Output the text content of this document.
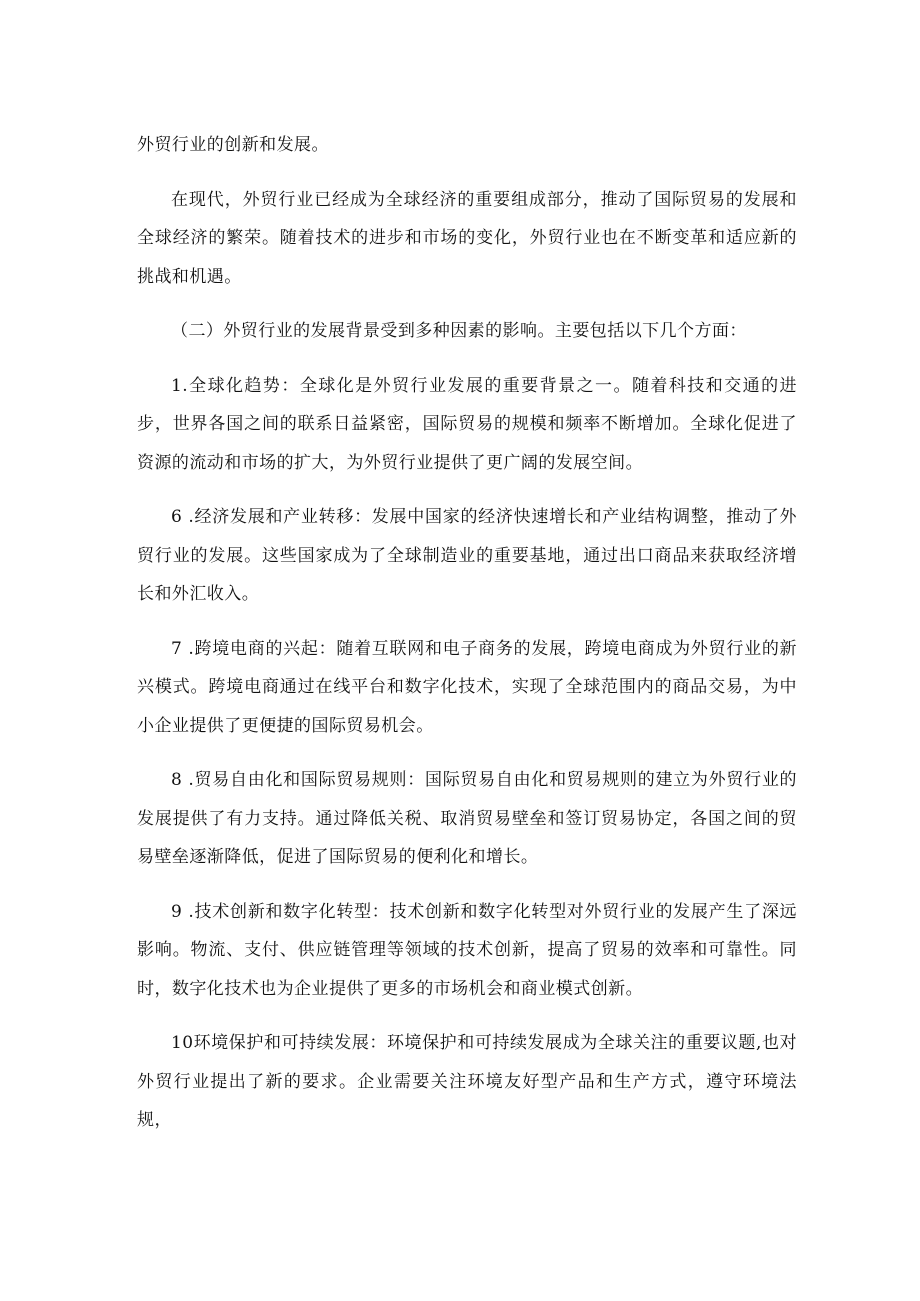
外贸行业的创新和发展。

在现代，外贸行业已经成为全球经济的重要组成部分，推动了国际贸易的发展和全球经济的繁荣。随着技术的进步和市场的变化，外贸行业也在不断变革和适应新的挑战和机遇。

（二）外贸行业的发展背景受到多种因素的影响。主要包括以下几个方面：

1.全球化趋势：全球化是外贸行业发展的重要背景之一。随着科技和交通的进步，世界各国之间的联系日益紧密，国际贸易的规模和频率不断增加。全球化促进了资源的流动和市场的扩大，为外贸行业提供了更广阔的发展空间。

6 .经济发展和产业转移：发展中国家的经济快速增长和产业结构调整，推动了外贸行业的发展。这些国家成为了全球制造业的重要基地，通过出口商品来获取经济增长和外汇收入。

7 .跨境电商的兴起：随着互联网和电子商务的发展，跨境电商成为外贸行业的新兴模式。跨境电商通过在线平台和数字化技术，实现了全球范围内的商品交易，为中小企业提供了更便捷的国际贸易机会。

8 .贸易自由化和国际贸易规则：国际贸易自由化和贸易规则的建立为外贸行业的发展提供了有力支持。通过降低关税、取消贸易壁垒和签订贸易协定，各国之间的贸易壁垒逐渐降低，促进了国际贸易的便利化和增长。

9 .技术创新和数字化转型：技术创新和数字化转型对外贸行业的发展产生了深远影响。物流、支付、供应链管理等领域的技术创新，提高了贸易的效率和可靠性。同时，数字化技术也为企业提供了更多的市场机会和商业模式创新。

10环境保护和可持续发展：环境保护和可持续发展成为全球关注的重要议题,也对外贸行业提出了新的要求。企业需要关注环境友好型产品和生产方式，遵守环境法规，
